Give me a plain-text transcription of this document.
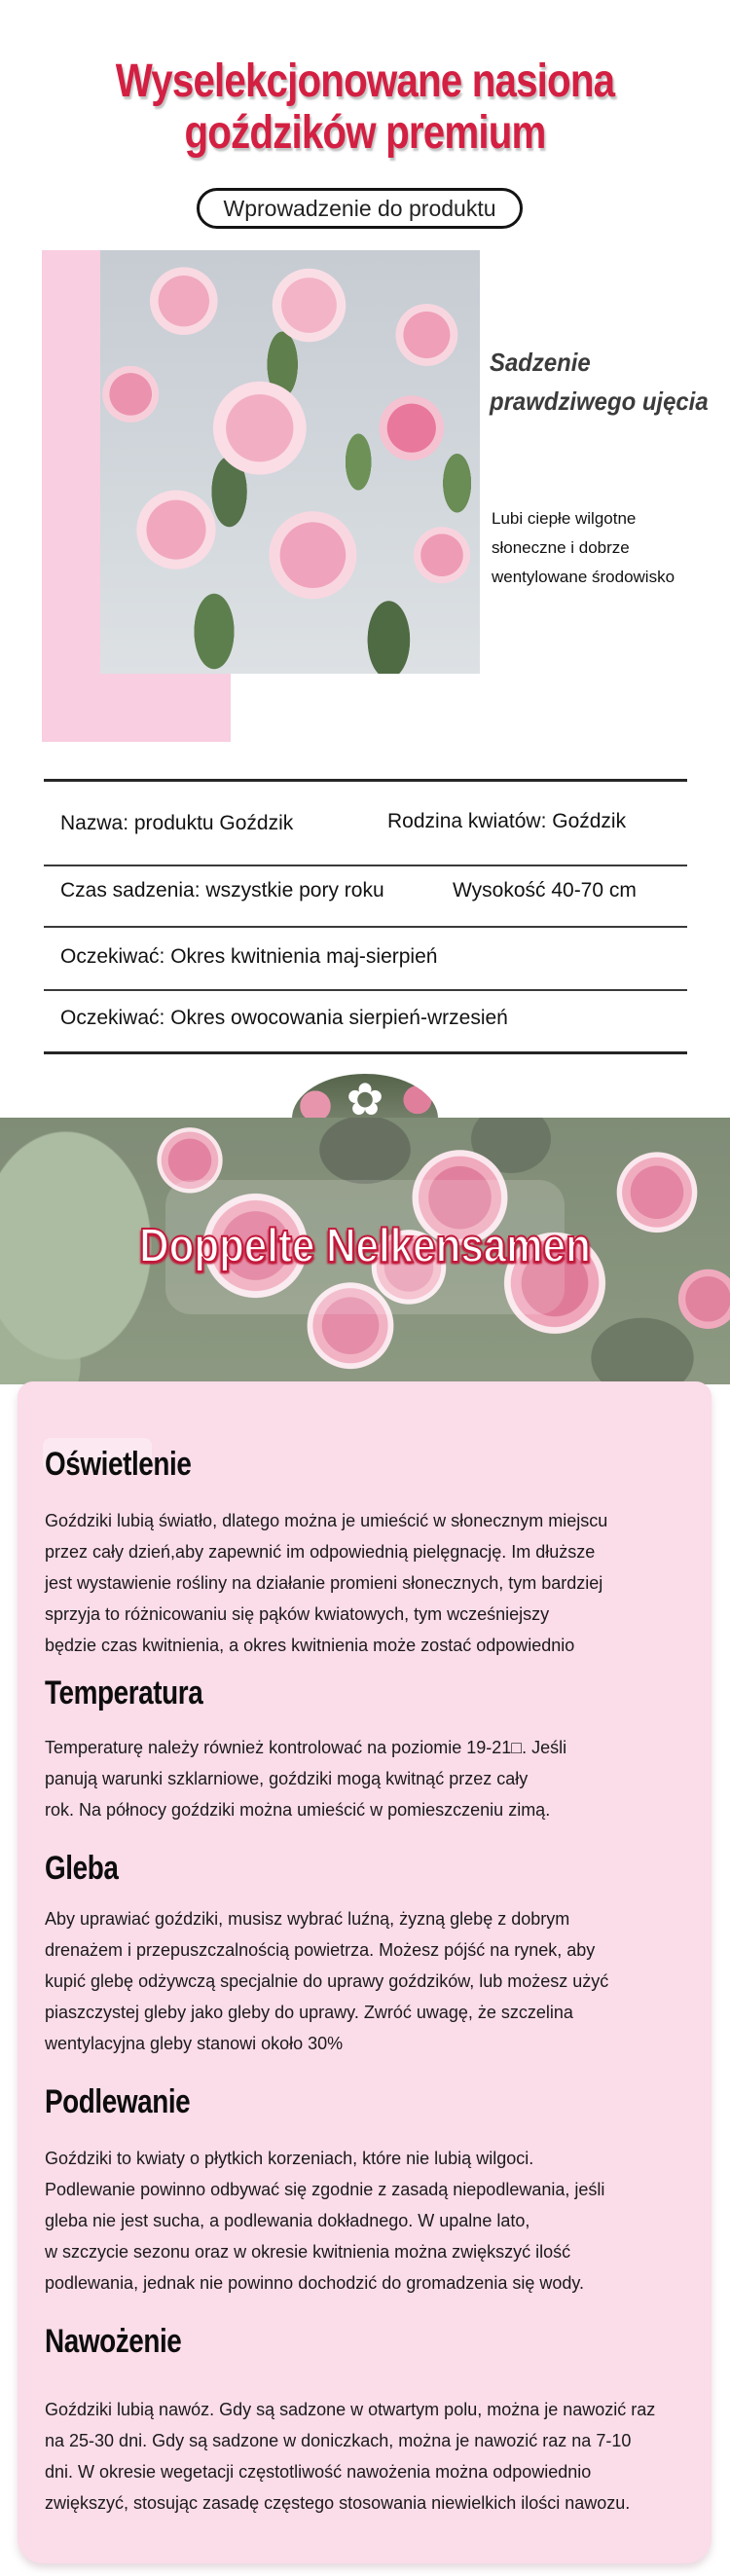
Wyselekcjonowane nasiona
goździków premium
Wprowadzenie do produktu
Sadzenie
prawdziwego ujęcia
Lubi ciepłe wilgotne
słoneczne i dobrze
wentylowane środowisko
Nazwa: produktu Goździk	Rodzina kwiatów: Goździk
Czas sadzenia: wszystkie pory roku	Wysokość 40-70 cm
Oczekiwać: Okres kwitnienia maj-sierpień
Oczekiwać: Okres owocowania sierpień-wrzesień
✿
Doppelte Nelkensamen
Oświetlenie
Goździki lubią światło, dlatego można je umieścić w słonecznym miejscu
przez cały dzień,aby zapewnić im odpowiednią pielęgnację. Im dłuższe
jest wystawienie rośliny na działanie promieni słonecznych, tym bardziej
sprzyja to różnicowaniu się pąków kwiatowych, tym wcześniejszy
będzie czas kwitnienia, a okres kwitnienia może zostać odpowiednio
Temperatura
Temperaturę należy również kontrolować na poziomie 19-21□. Jeśli
panują warunki szklarniowe, goździki mogą kwitnąć przez cały
rok. Na północy goździki można umieścić w pomieszczeniu zimą.
Gleba
Aby uprawiać goździki, musisz wybrać luźną, żyzną glebę z dobrym
drenażem i przepuszczalnością powietrza. Możesz pójść na rynek, aby
kupić glebę odżywczą specjalnie do uprawy goździków, lub możesz użyć
piaszczystej gleby jako gleby do uprawy. Zwróć uwagę, że szczelina
wentylacyjna gleby stanowi około 30%
Podlewanie
Goździki to kwiaty o płytkich korzeniach, które nie lubią wilgoci.
Podlewanie powinno odbywać się zgodnie z zasadą niepodlewania, jeśli
gleba nie jest sucha, a podlewania dokładnego. W upalne lato,
w szczycie sezonu oraz w okresie kwitnienia można zwiększyć ilość
podlewania, jednak nie powinno dochodzić do gromadzenia się wody.
Nawożenie
Goździki lubią nawóz. Gdy są sadzone w otwartym polu, można je nawozić raz
na 25-30 dni. Gdy są sadzone w doniczkach, można je nawozić raz na 7-10
dni. W okresie wegetacji częstotliwość nawożenia można odpowiednio
zwiększyć, stosując zasadę częstego stosowania niewielkich ilości nawozu.
